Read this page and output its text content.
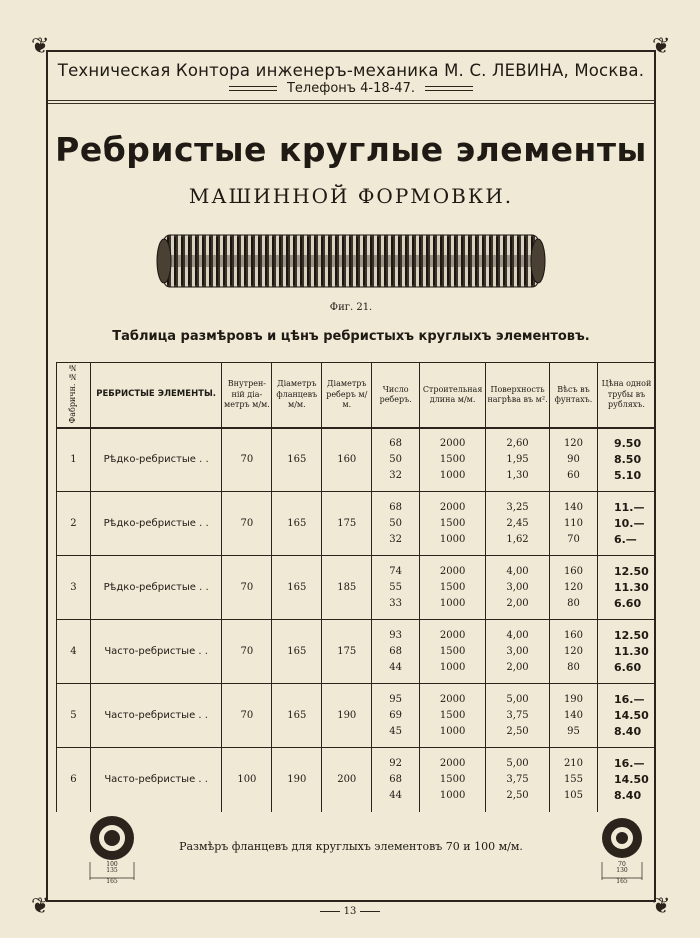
❦	❦
❦	❦
Техническая Контора инженеръ-механика М. С. ЛЕВИНА, Москва.
Телефонъ 4-18-47.
Ребристые круглые элементы
МАШИННОЙ ФОРМОВКИ.
Фиг. 21.
Таблица размѣровъ и цѣнъ ребристыхъ круглыхъ элементовъ.
Фабричн. №№	РЕБРИСТЫЕ ЭЛЕМЕНТЫ.	Внутрен-ній діа-метръ м/м.	Діаметръ фланцевъ м/м.	Діаметръ реберъ м/м.	Число реберъ.	Строительная длина м/м.	Поверхность нагрѣва въ м².	Вѣсъ въ фунтахъ.	Цѣна одной трубы въ рубляхъ.
1	Рѣдко-ребристые . .	70	165	160	68
50
32	2000
1500
1000	2,60
1,95
1,30	120
90
60	9.50
8.50
5.10

2	Рѣдко-ребристые . .	70	165	175	68
50
32	2000
1500
1000	3,25
2,45
1,62	140
110
70	11.—
10.—
6.—

3	Рѣдко-ребристые . .	70	165	185	74
55
33	2000
1500
1000	4,00
3,00
2,00	160
120
80	12.50
11.30
6.60

4	Часто-ребристые . .	70	165	175	93
68
44	2000
1500
1000	4,00
3,00
2,00	160
120
80	12.50
11.30
6.60

5	Часто-ребристые . .	70	165	190	95
69
45	2000
1500
1000	5,00
3,75
2,50	190
140
95	16.—
14.50
8.40

6	Часто-ребристые . .	100	190	200	92
68
44	2000
1500
1000	5,00
3,75
2,50	210
155
105	16.—
14.50
8.40
Размѣръ фланцевъ для круглыхъ элементовъ 70 и 100 м/м.
100
135
165
70
130
165
13
